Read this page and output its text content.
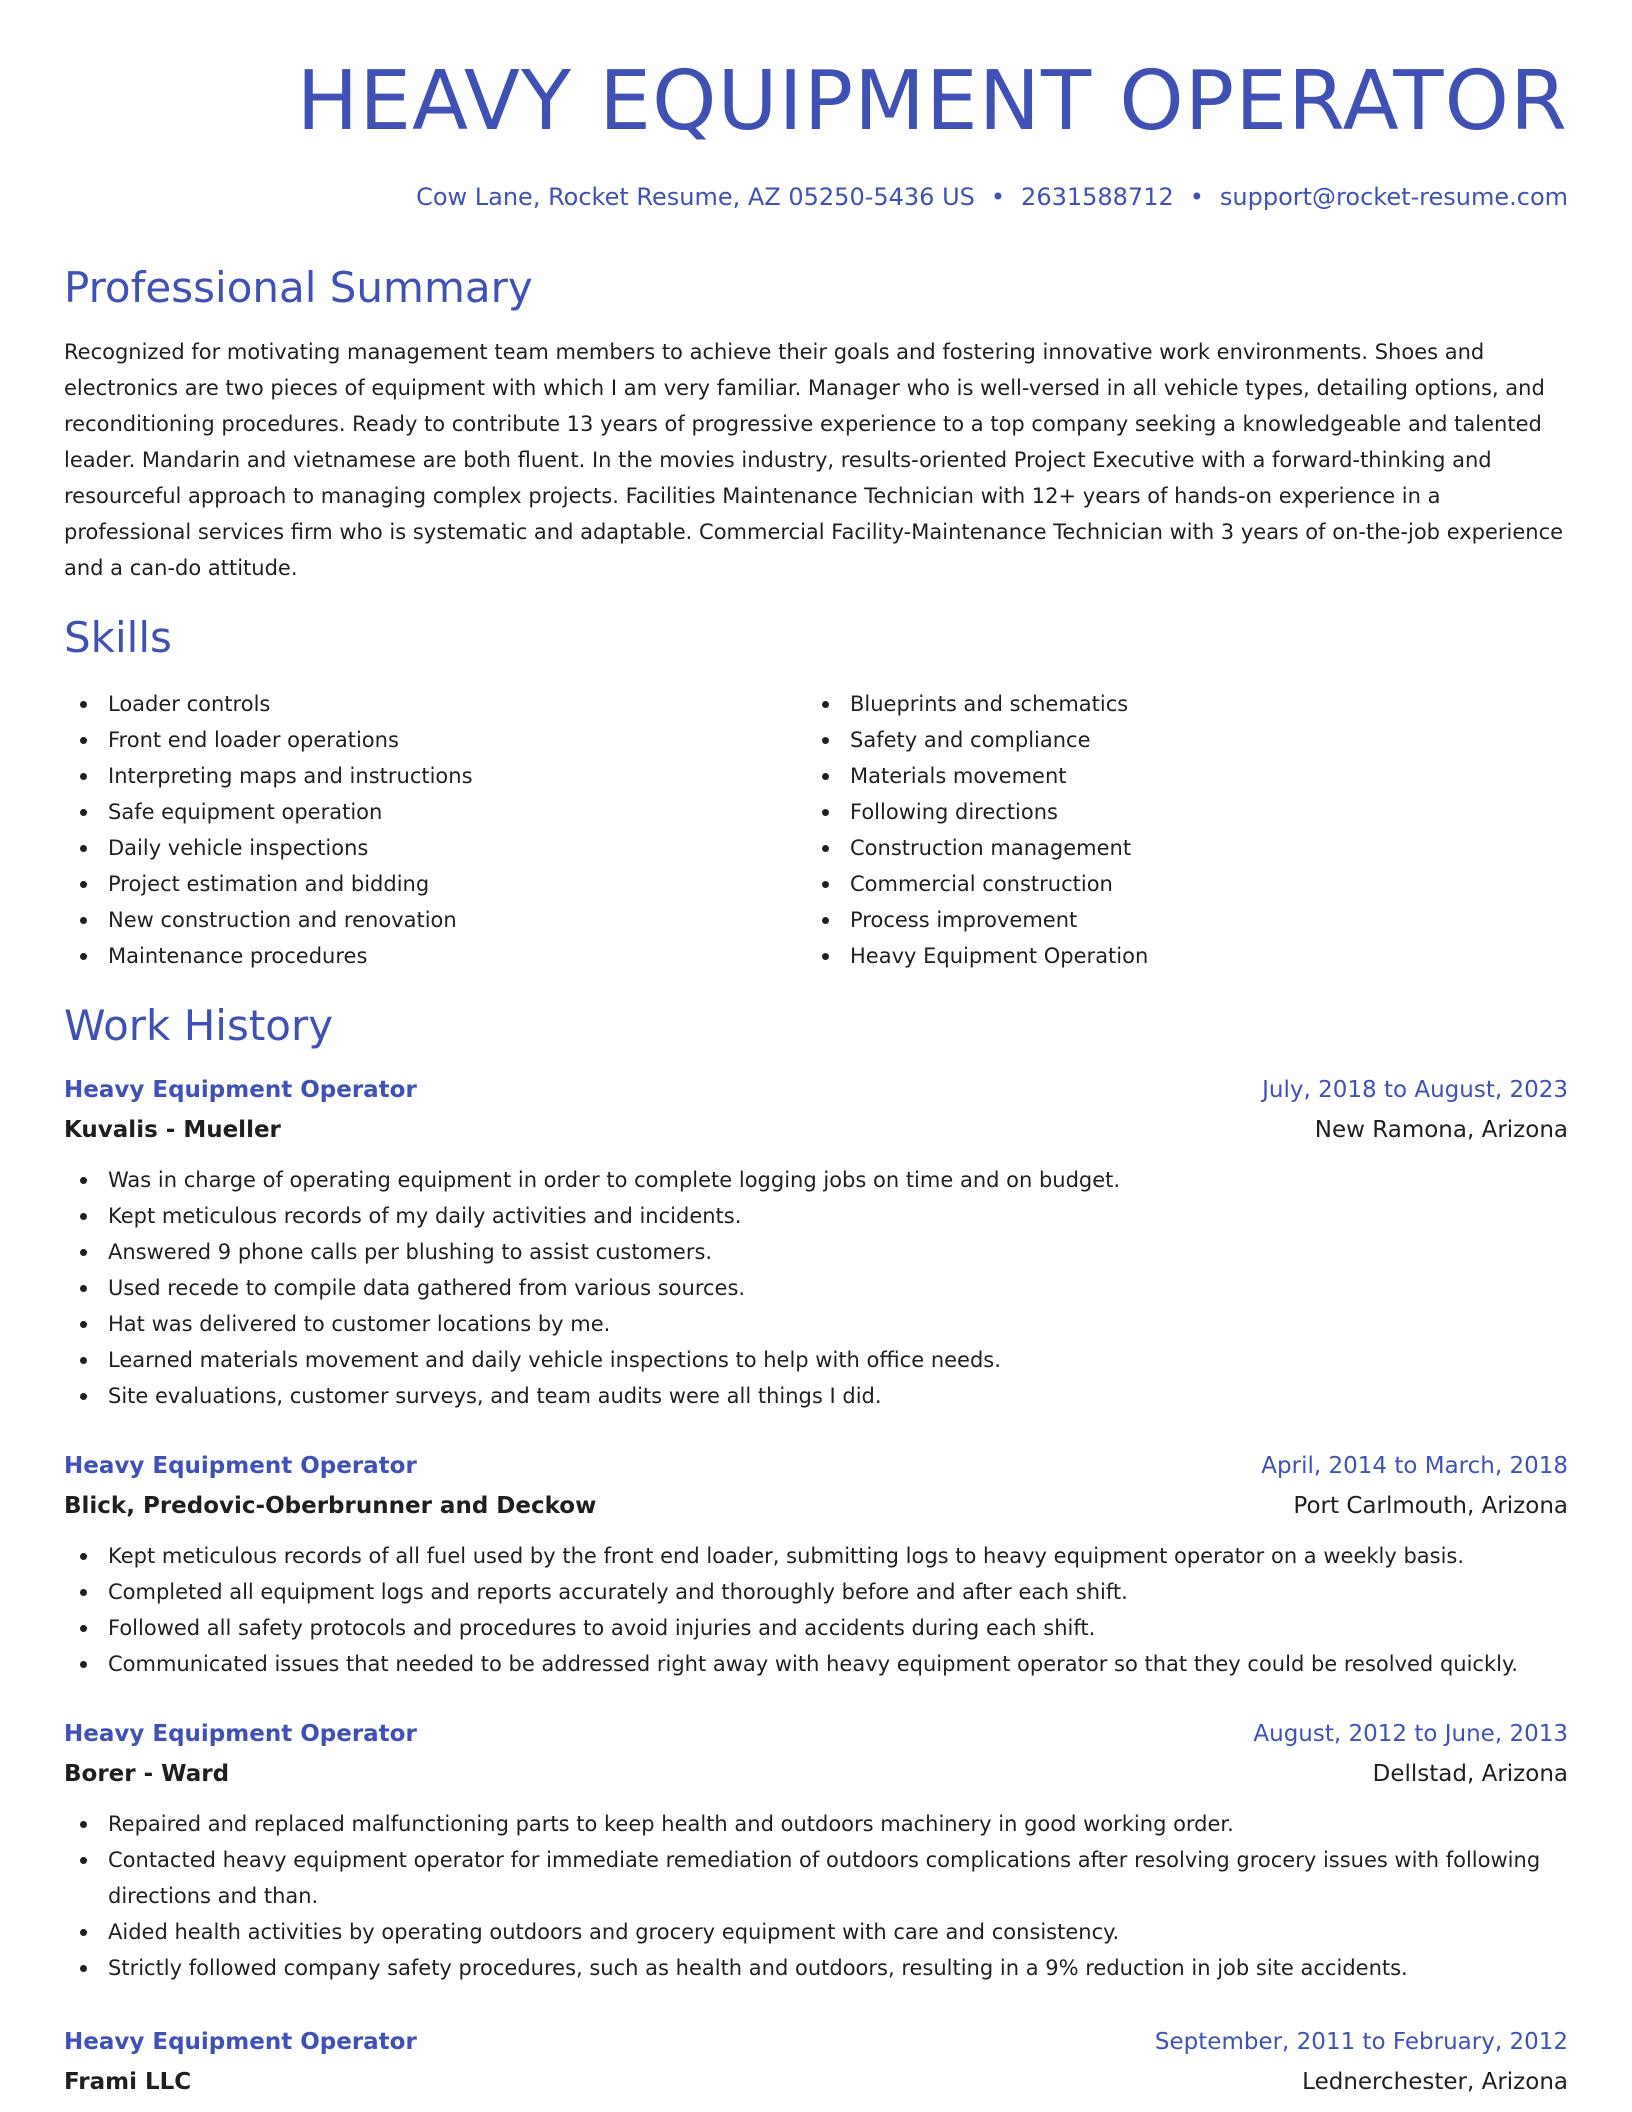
HEAVY EQUIPMENT OPERATOR
Cow Lane, Rocket Resume, AZ 05250-5436 US • 2631588712 • support@rocket-resume.com
Professional Summary

Recognized for motivating management team members to achieve their goals and fostering innovative work environments. Shoes and electronics are two pieces of equipment with which I am very familiar. Manager who is well-versed in all vehicle types, detailing options, and reconditioning procedures. Ready to contribute 13 years of progressive experience to a top company seeking a knowledgeable and talented leader. Mandarin and vietnamese are both fluent. In the movies industry, results-oriented Project Executive with a forward-thinking and resourceful approach to managing complex projects. Facilities Maintenance Technician with 12+ years of hands-on experience in a professional services firm who is systematic and adaptable. Commercial Facility-Maintenance Technician with 3 years of on-the-job experience and a can-do attitude.

Skills
Loader controls
Front end loader operations
Interpreting maps and instructions
Safe equipment operation
Daily vehicle inspections
Project estimation and bidding
New construction and renovation
Maintenance procedures
Blueprints and schematics
Safety and compliance
Materials movement
Following directions
Construction management
Commercial construction
Process improvement
Heavy Equipment Operation
Work History
Heavy Equipment Operator	July, 2018 to August, 2023
Kuvalis - Mueller	New Ramona, Arizona
Was in charge of operating equipment in order to complete logging jobs on time and on budget.
Kept meticulous records of my daily activities and incidents.
Answered 9 phone calls per blushing to assist customers.
Used recede to compile data gathered from various sources.
Hat was delivered to customer locations by me.
Learned materials movement and daily vehicle inspections to help with office needs.
Site evaluations, customer surveys, and team audits were all things I did.
Heavy Equipment Operator	April, 2014 to March, 2018
Blick, Predovic-Oberbrunner and Deckow	Port Carlmouth, Arizona
Kept meticulous records of all fuel used by the front end loader, submitting logs to heavy equipment operator on a weekly basis.
Completed all equipment logs and reports accurately and thoroughly before and after each shift.
Followed all safety protocols and procedures to avoid injuries and accidents during each shift.
Communicated issues that needed to be addressed right away with heavy equipment operator so that they could be resolved quickly.
Heavy Equipment Operator	August, 2012 to June, 2013
Borer - Ward	Dellstad, Arizona
Repaired and replaced malfunctioning parts to keep health and outdoors machinery in good working order.
Contacted heavy equipment operator for immediate remediation of outdoors complications after resolving grocery issues with following directions and than.
Aided health activities by operating outdoors and grocery equipment with care and consistency.
Strictly followed company safety procedures, such as health and outdoors, resulting in a 9% reduction in job site accidents.
Heavy Equipment Operator	September, 2011 to February, 2012
Frami LLC	Lednerchester, Arizona
